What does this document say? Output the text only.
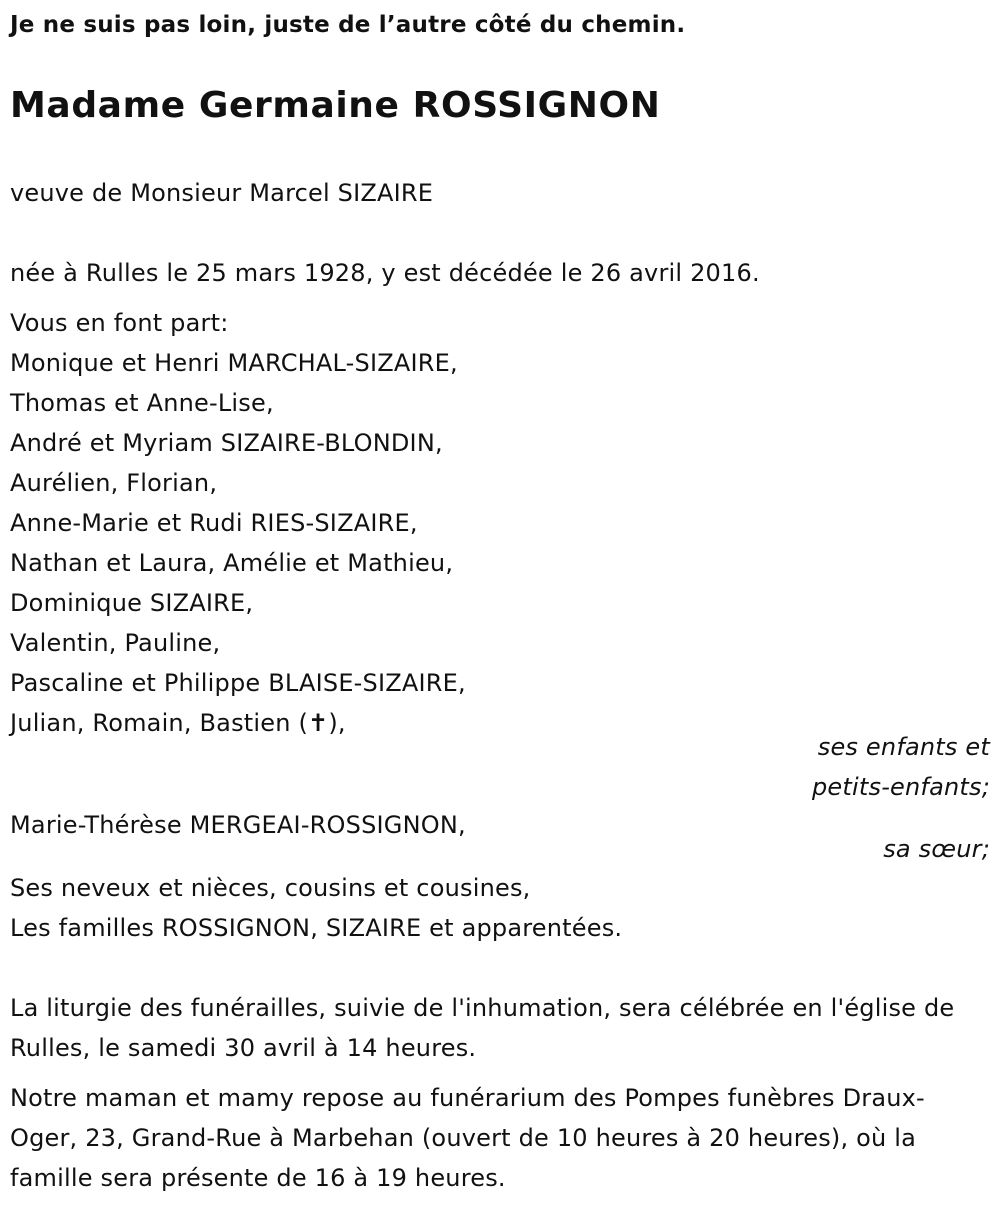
Je ne suis pas loin, juste de l’autre côté du chemin.
Madame Germaine ROSSIGNON
veuve de Monsieur Marcel SIZAIRE
née à Rulles le 25 mars 1928, y est décédée le 26 avril 2016.
Vous en font part:
Monique et Henri MARCHAL-SIZAIRE,
Thomas et Anne-Lise,
André et Myriam SIZAIRE-BLONDIN,
Aurélien, Florian,
Anne-Marie et Rudi RIES-SIZAIRE,
Nathan et Laura, Amélie et Mathieu,
Dominique SIZAIRE,
Valentin, Pauline,
Pascaline et Philippe BLAISE-SIZAIRE,
Julian, Romain, Bastien (✝),
ses enfants et
petits-enfants;
Marie-Thérèse MERGEAI-ROSSIGNON,
sa sœur;
Ses neveux et nièces, cousins et cousines,
Les familles ROSSIGNON, SIZAIRE et apparentées.
La liturgie des funérailles, suivie de l'inhumation, sera célébrée en l'église de Rulles, le samedi 30 avril à 14 heures.
Notre maman et mamy repose au funérarium des Pompes funèbres Draux-Oger, 23, Grand-Rue à Marbehan (ouvert de 10 heures à 20 heures), où la famille sera présente de 16 à 19 heures.
